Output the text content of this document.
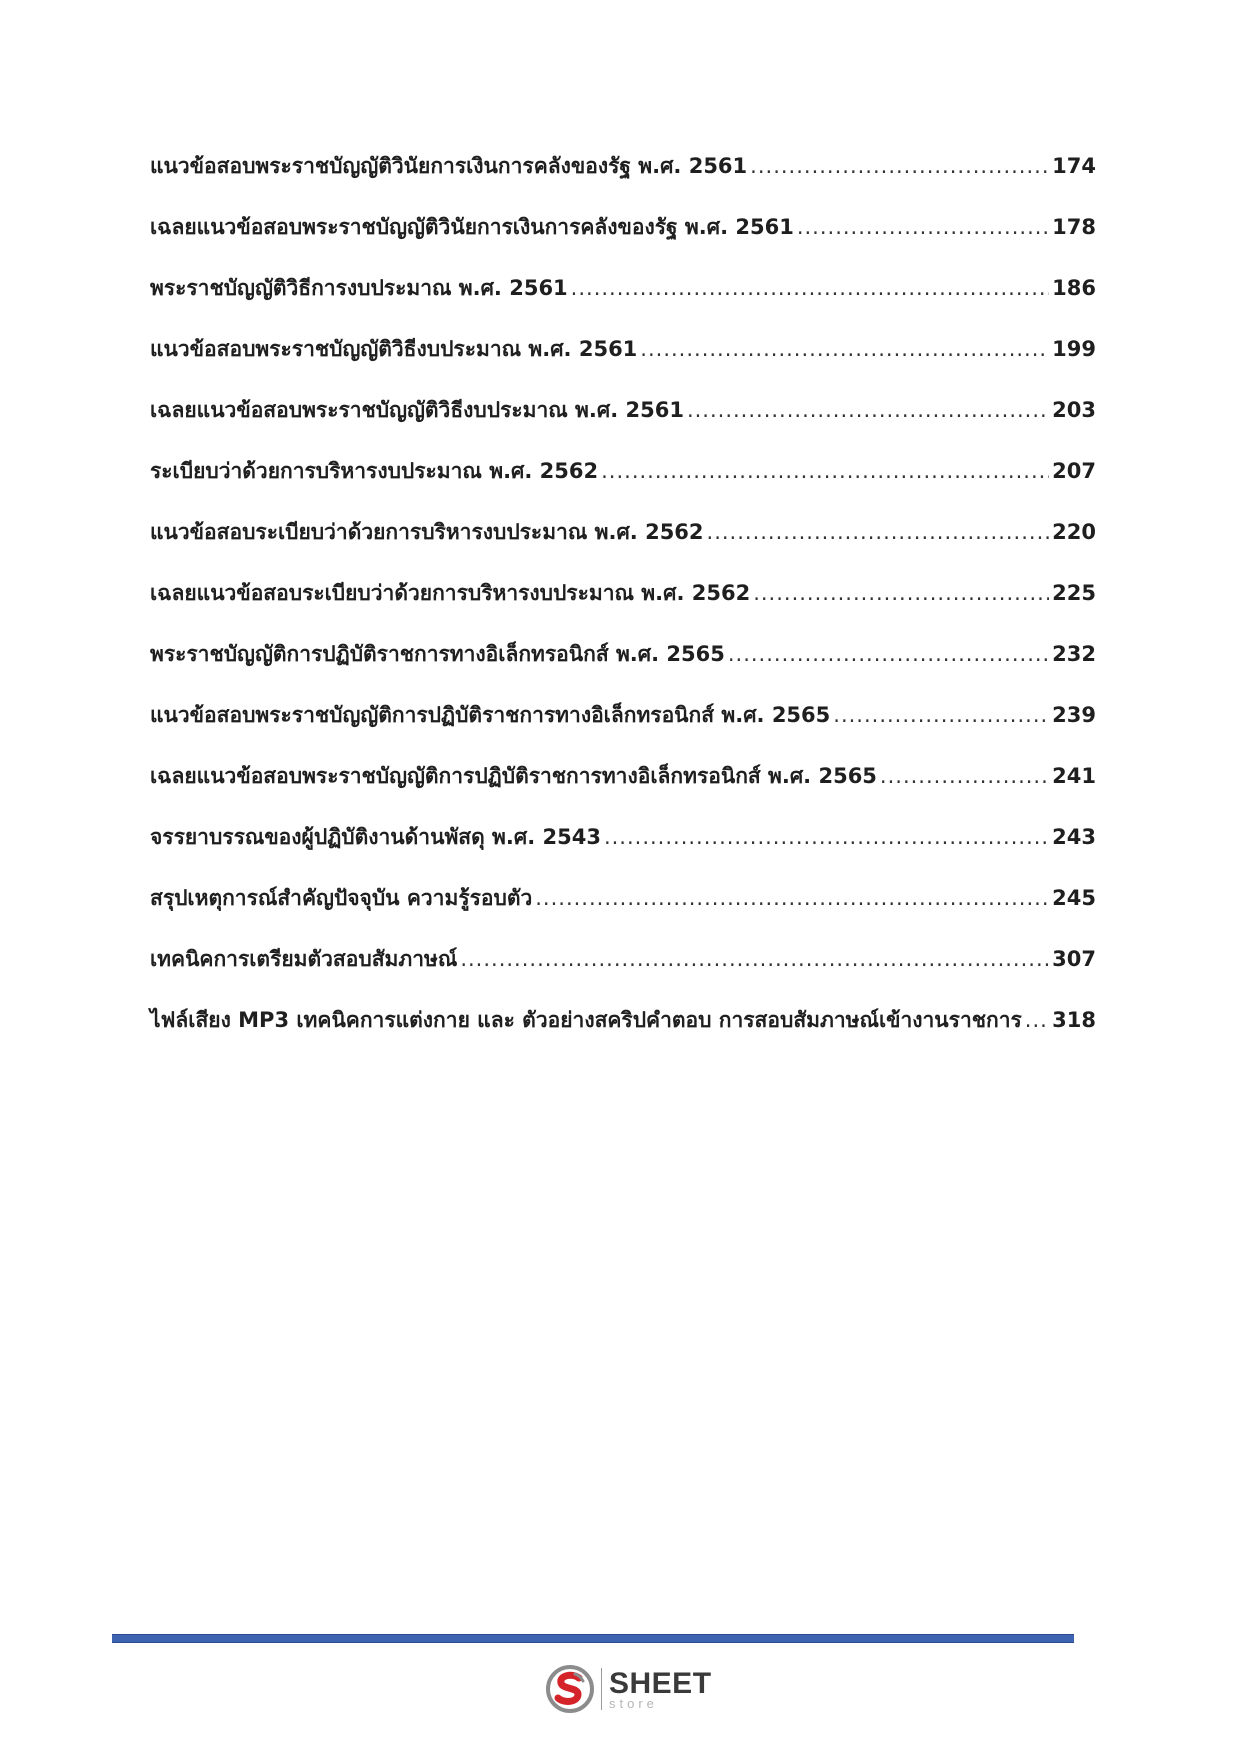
แนวข้อสอบพระราชบัญญัติวินัยการเงินการคลังของรัฐ พ.ศ. 2561 .....	174
เฉลยแนวข้อสอบพระราชบัญญัติวินัยการเงินการคลังของรัฐ พ.ศ. 2561 .....	178
พระราชบัญญัติวิธีการงบประมาณ พ.ศ. 2561 .....	186
แนวข้อสอบพระราชบัญญัติวิธีงบประมาณ พ.ศ. 2561 .....	199
เฉลยแนวข้อสอบพระราชบัญญัติวิธีงบประมาณ พ.ศ. 2561 .....	203
ระเบียบว่าด้วยการบริหารงบประมาณ พ.ศ. 2562 .....	207
แนวข้อสอบระเบียบว่าด้วยการบริหารงบประมาณ พ.ศ. 2562 .....	220
เฉลยแนวข้อสอบระเบียบว่าด้วยการบริหารงบประมาณ พ.ศ. 2562 .....	225
พระราชบัญญัติการปฏิบัติราชการทางอิเล็กทรอนิกส์ พ.ศ. 2565 .....	232
แนวข้อสอบพระราชบัญญัติการปฏิบัติราชการทางอิเล็กทรอนิกส์ พ.ศ. 2565 .....	239
เฉลยแนวข้อสอบพระราชบัญญัติการปฏิบัติราชการทางอิเล็กทรอนิกส์ พ.ศ. 2565 .....	241
จรรยาบรรณของผู้ปฏิบัติงานด้านพัสดุ พ.ศ. 2543 .....	243
สรุปเหตุการณ์สำคัญปัจจุบัน ความรู้รอบตัว .....	245
เทคนิคการเตรียมตัวสอบสัมภาษณ์ .....	307
ไฟล์เสียง MP3 เทคนิคการแต่งกาย และ ตัวอย่างสคริปคำตอบ การสอบสัมภาษณ์เข้างานราชการ ..... 318
SHEET
store
